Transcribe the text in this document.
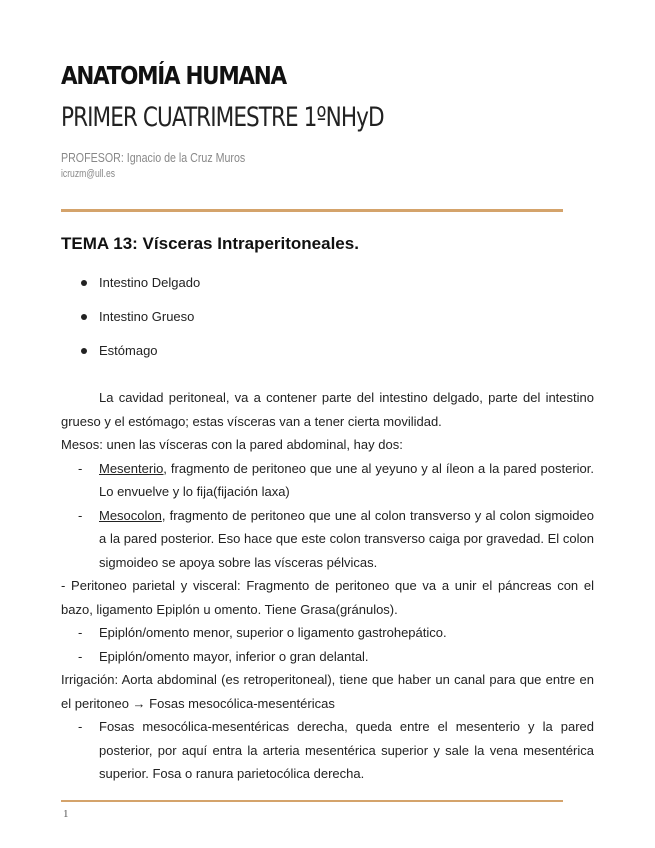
ANATOMÍA HUMANA
PRIMER CUATRIMESTRE 1ºNHyD
PROFESOR: Ignacio de la Cruz Muros
icruzm@ull.es
TEMA 13: Vísceras Intraperitoneales.
Intestino Delgado
Intestino Grueso
Estómago

La cavidad peritoneal, va a contener parte del intestino delgado, parte del intestino grueso y el estómago; estas vísceras van a tener cierta movilidad.

Mesos: unen las vísceras con la pared abdominal, hay dos:

- Mesenterio, fragmento de peritoneo que une al yeyuno y al íleon a la pared posterior. Lo envuelve y lo fija(fijación laxa)
- Mesocolon, fragmento de peritoneo que une al colon transverso y al colon sigmoideo a la pared posterior. Eso hace que este colon transverso caiga por gravedad. El colon sigmoideo se apoya sobre las vísceras pélvicas.

- Peritoneo parietal y visceral: Fragmento de peritoneo que va a unir el páncreas con el bazo, ligamento Epiplón u omento. Tiene Grasa(gránulos).

- Epiplón/omento menor, superior o ligamento gastrohepático.
- Epiplón/omento mayor, inferior o gran delantal.

Irrigación: Aorta abdominal (es retroperitoneal), tiene que haber un canal para que entre en el peritoneo → Fosas mesocólica-mesentéricas

- Fosas mesocólica-mesentéricas derecha, queda entre el mesenterio y la pared posterior, por aquí entra la arteria mesentérica superior y sale la vena mesentérica superior. Fosa o ranura parietocólica derecha.
1
